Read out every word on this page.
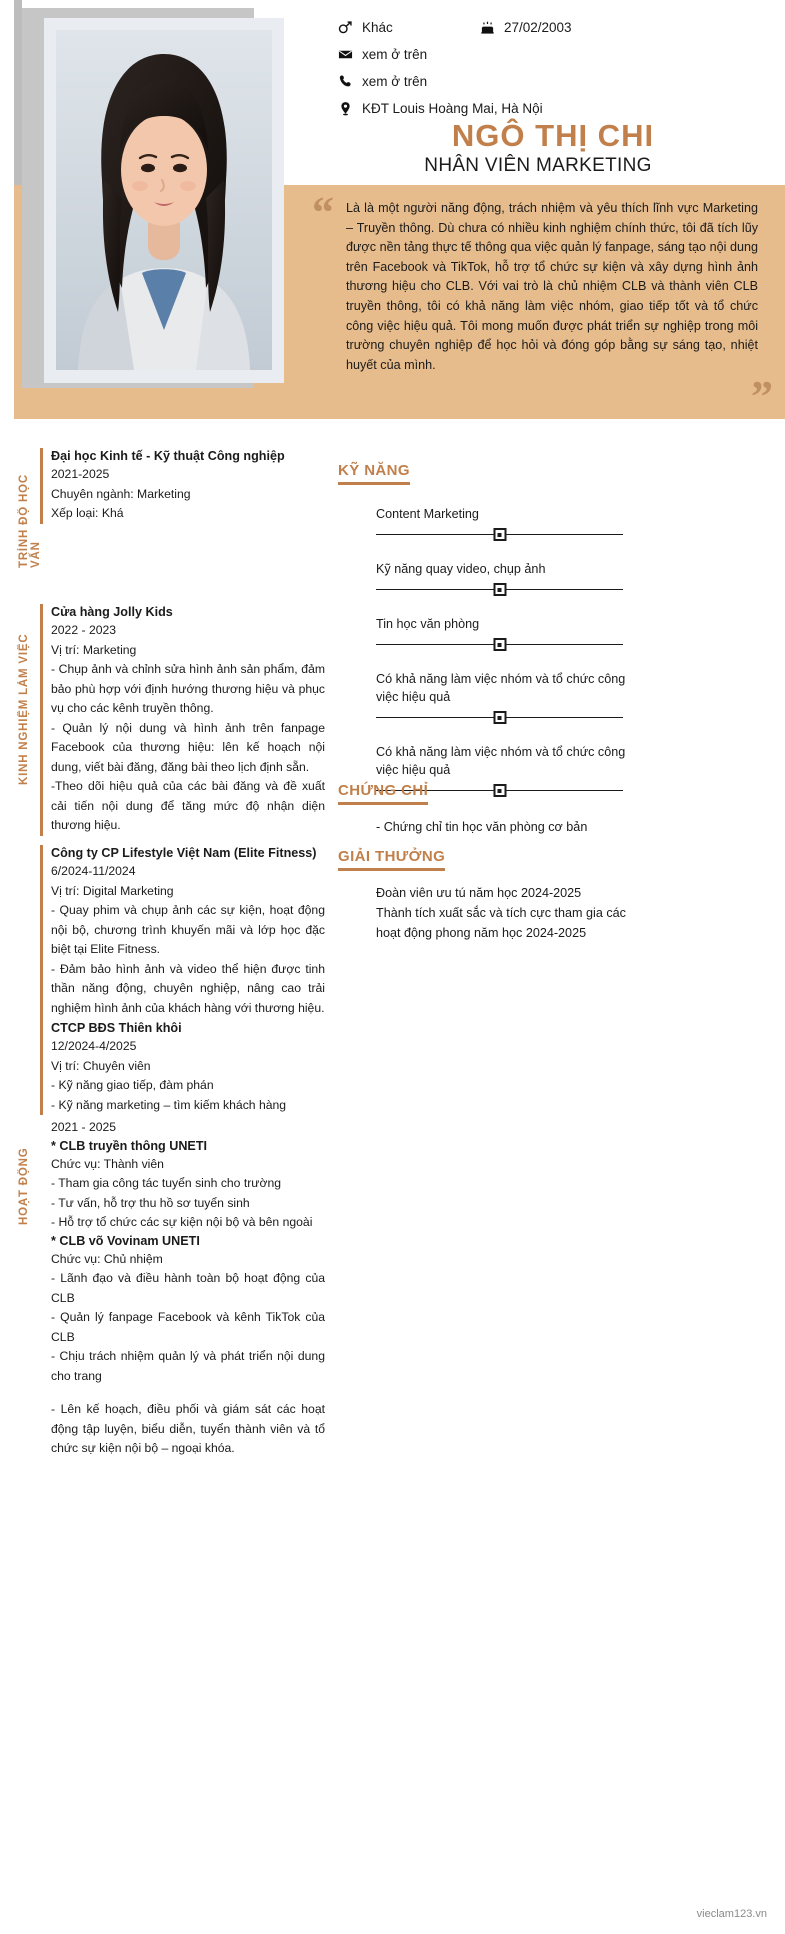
“ Là là một người năng động, trách nhiệm và yêu thích lĩnh vực Marketing – Truyền thông. Dù chưa có nhiều kinh nghiệm chính thức, tôi đã tích lũy được nền tảng thực tế thông qua việc quản lý fanpage, sáng tạo nội dung trên Facebook và TikTok, hỗ trợ tổ chức sự kiện và xây dựng hình ảnh thương hiệu cho CLB. Với vai trò là chủ nhiệm CLB và thành viên CLB truyền thông, tôi có khả năng làm việc nhóm, giao tiếp tốt và tổ chức công việc hiệu quả. Tôi mong muốn được phát triển sự nghiệp trong môi trường chuyên nghiệp để học hỏi và đóng góp bằng sự sáng tạo, nhiệt huyết của mình.
”
Khác	27/02/2003
xem ở trên
xem ở trên
KĐT Louis Hoàng Mai, Hà Nội
NGÔ THỊ CHI
NHÂN VIÊN MARKETING
TRÌNH ĐỘ HỌC VẤN
Đại học Kinh tế - Kỹ thuật Công nghiệp
2021-2025
Chuyên ngành: Marketing
Xếp loại: Khá
KINH NGHIỆM LÀM VIỆC
Cửa hàng Jolly Kids
2022 - 2023
Vị trí: Marketing
- Chụp ảnh và chỉnh sửa hình ảnh sản phẩm, đảm bảo phù hợp với định hướng thương hiệu và phục vụ cho các kênh truyền thông.
- Quản lý nội dung và hình ảnh trên fanpage Facebook của thương hiệu: lên kế hoạch nội dung, viết bài đăng, đăng bài theo lịch định sẵn.
-Theo dõi hiệu quả của các bài đăng và đề xuất cải tiến nội dung để tăng mức độ nhận diện thương hiệu.
Công ty CP Lifestyle Việt Nam (Elite Fitness)
6/2024-11/2024
Vị trí: Digital Marketing
- Quay phim và chụp ảnh các sự kiện, hoạt động nội bộ, chương trình khuyến mãi và lớp học đặc biệt tại Elite Fitness.
- Đảm bảo hình ảnh và video thể hiện được tinh thần năng động, chuyên nghiệp, nâng cao trải nghiệm hình ảnh của khách hàng với thương hiệu.
CTCP BĐS Thiên khôi
12/2024-4/2025
Vị trí: Chuyên viên
- Kỹ năng giao tiếp, đàm phán
- Kỹ năng marketing – tìm kiếm khách hàng
HOẠT ĐỘNG
2021 - 2025
* CLB truyền thông UNETI
Chức vụ: Thành viên
- Tham gia công tác tuyển sinh cho trường
- Tư vấn, hỗ trợ thu hồ sơ tuyển sinh
- Hỗ trợ tổ chức các sự kiện nội bộ và bên ngoài
* CLB võ Vovinam UNETI
Chức vụ: Chủ nhiệm
- Lãnh đạo và điều hành toàn bộ hoạt động của CLB
- Quản lý fanpage Facebook và kênh TikTok của CLB
- Chịu trách nhiệm quản lý và phát triển nội dung cho trang
- Lên kế hoạch, điều phối và giám sát các hoạt động tập luyện, biểu diễn, tuyển thành viên và tổ chức sự kiện nội bộ – ngoại khóa.
KỸ NĂNG
Content Marketing
Kỹ năng quay video, chụp ảnh
Tin học văn phòng
Có khả năng làm việc nhóm và tổ chức công việc hiệu quả
Có khả năng làm việc nhóm và tổ chức công việc hiệu quả
CHỨNG CHỈ
- Chứng chỉ tin học văn phòng cơ bản
GIẢI THƯỞNG
Đoàn viên ưu tú năm học 2024-2025
Thành tích xuất sắc và tích cực tham gia các hoạt động phong năm học 2024-2025
vieclam123.vn
